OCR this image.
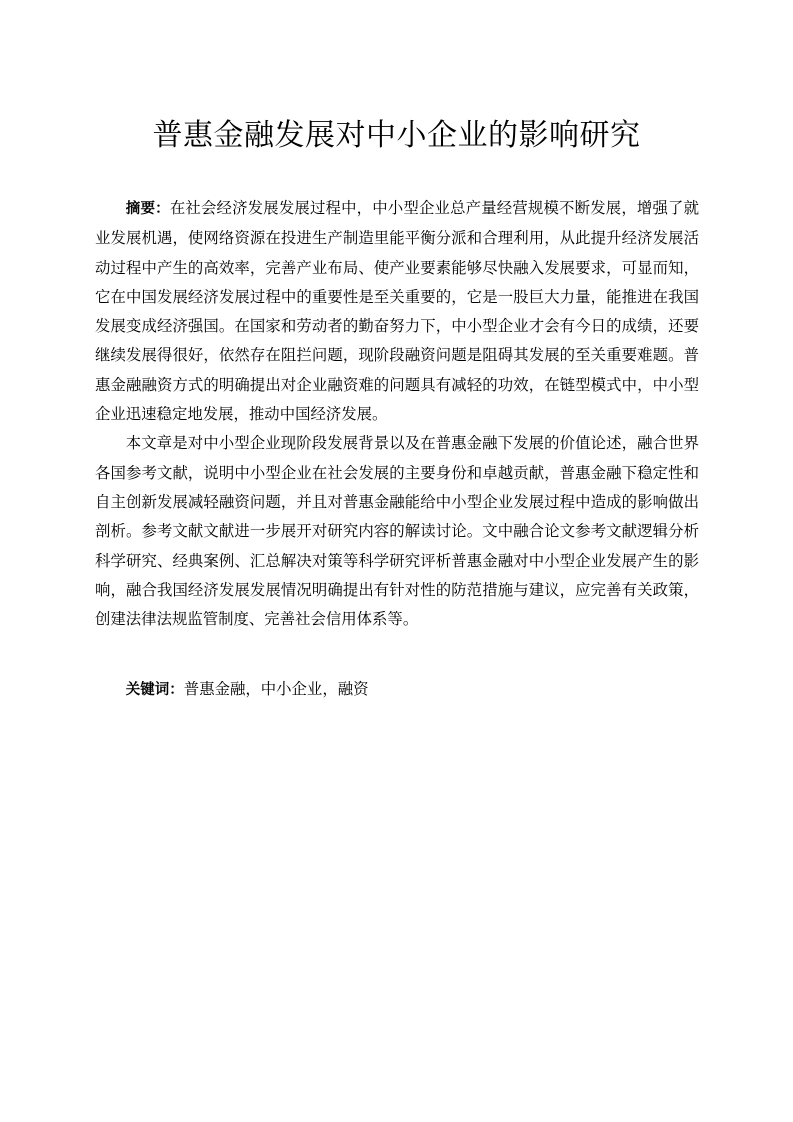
普惠金融发展对中小企业的影响研究

摘要：在社会经济发展发展过程中，中小型企业总产量经营规模不断发展，增强了就业发展机遇，使网络资源在投进生产制造里能平衡分派和合理利用，从此提升经济发展活动过程中产生的高效率，完善产业布局、使产业要素能够尽快融入发展要求，可显而知，它在中国发展经济发展过程中的重要性是至关重要的，它是一股巨大力量，能推进在我国发展变成经济强国。在国家和劳动者的勤奋努力下，中小型企业才会有今日的成绩，还要继续发展得很好，依然存在阻拦问题，现阶段融资问题是阻碍其发展的至关重要难题。普惠金融融资方式的明确提出对企业融资难的问题具有减轻的功效，在链型模式中，中小型企业迅速稳定地发展，推动中国经济发展。

本文章是对中小型企业现阶段发展背景以及在普惠金融下发展的价值论述，融合世界各国参考文献，说明中小型企业在社会发展的主要身份和卓越贡献，普惠金融下稳定性和自主创新发展减轻融资问题，并且对普惠金融能给中小型企业发展过程中造成的影响做出剖析。参考文献文献进一步展开对研究内容的解读讨论。文中融合论文参考文献逻辑分析科学研究、经典案例、汇总解决对策等科学研究评析普惠金融对中小型企业发展产生的影响，融合我国经济发展发展情况明确提出有针对性的防范措施与建议，应完善有关政策，创建法律法规监管制度、完善社会信用体系等。

关键词：普惠金融，中小企业，融资
